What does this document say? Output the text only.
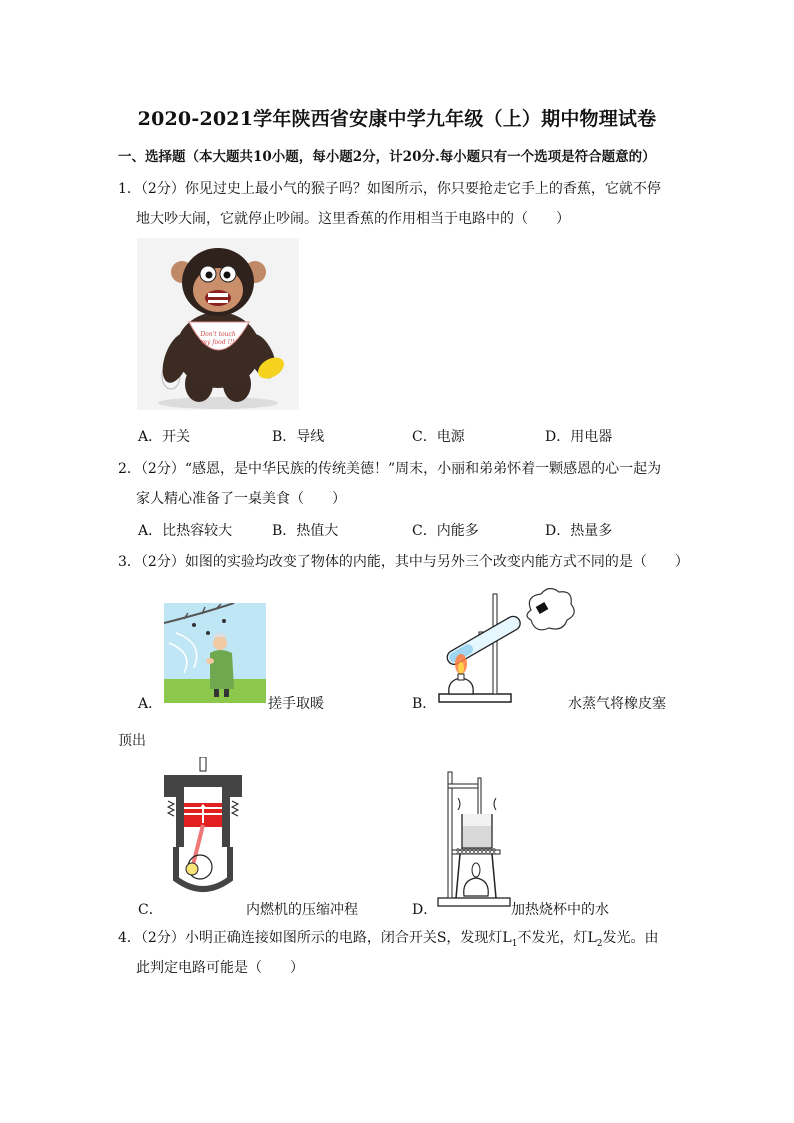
2020-2021学年陕西省安康中学九年级（上）期中物理试卷
一、选择题（本大题共10小题，每小题2分，计20分.每小题只有一个选项是符合题意的）
1．（2分）你见过史上最小气的猴子吗？如图所示，你只要抢走它手上的香蕉，它就不停
地大吵大闹，它就停止吵闹。这里香蕉的作用相当于电路中的（　　）
Don't touch
my food !!!
A．开关	B．导线	C．电源	D．用电器
2．（2分）“感恩，是中华民族的传统美德！”周末，小丽和弟弟怀着一颗感恩的心一起为
家人精心准备了一桌美食（　　）
A．比热容较大	B．热值大	C．内能多	D．热量多
3．（2分）如图的实验均改变了物体的内能，其中与另外三个改变内能方式不同的是（　　）
A．	搓手取暖	B．	水蒸气将橡皮塞
顶出
C．	内燃机的压缩冲程	D．	加热烧杯中的水
4．（2分）小明正确连接如图所示的电路，闭合开关S，发现灯$L_1$不发光，灯$L_2$发光。由
此判定电路可能是（　　）
